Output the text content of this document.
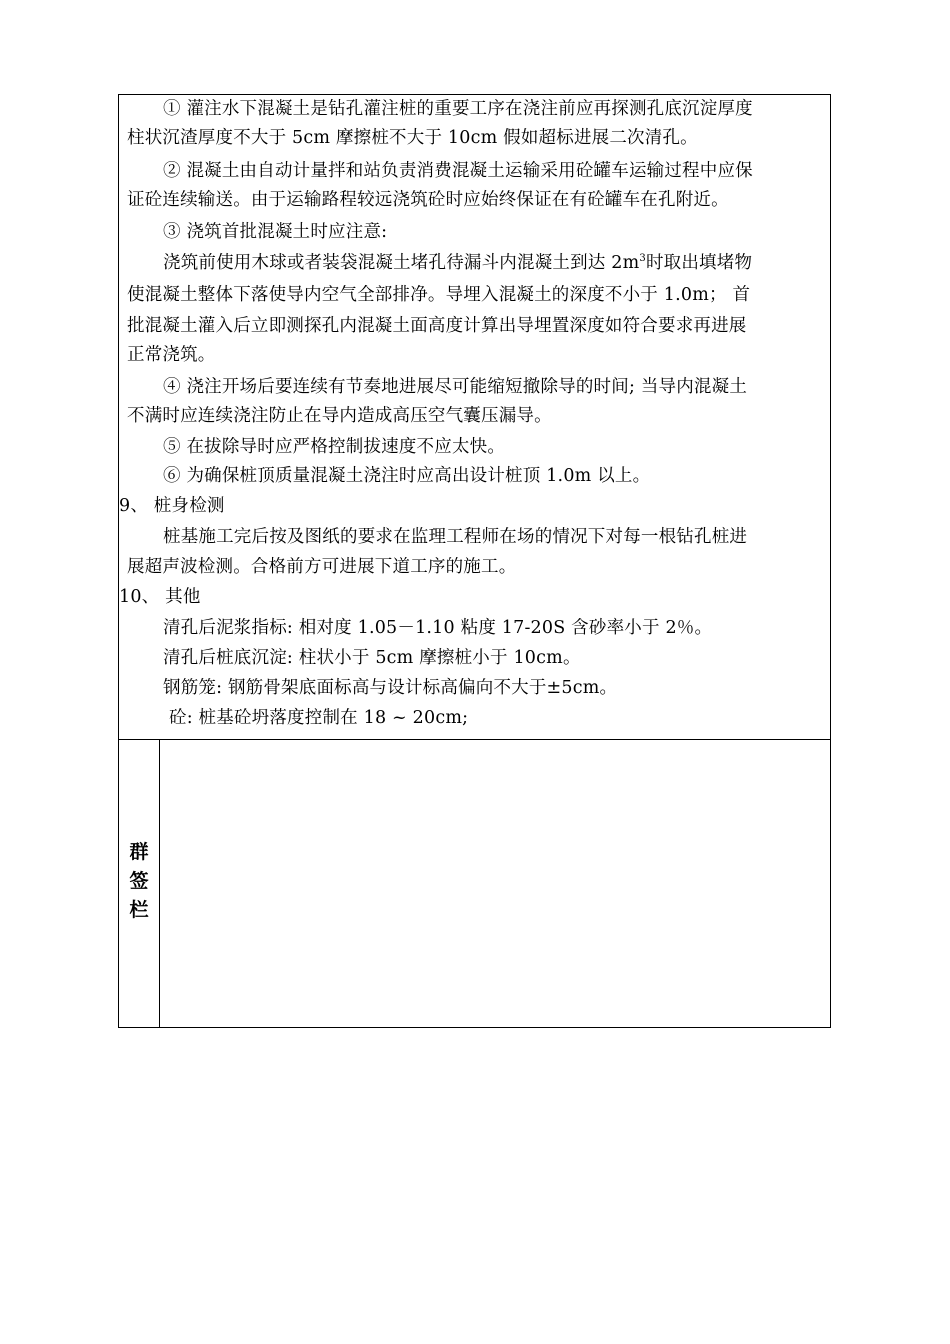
① 灌注水下混凝土是钻孔灌注桩的重要工序在浇注前应再探测孔底沉淀厚度
柱状沉渣厚度不大于 5cm 摩擦桩不大于 10cm 假如超标进展二次清孔。
② 混凝土由自动计量拌和站负责消费混凝土运输采用砼罐车运输过程中应保
证砼连续输送。由于运输路程较远浇筑砼时应始终保证在有砼罐车在孔附近。
③ 浇筑首批混凝土时应注意:
浇筑前使用木球或者装袋混凝土堵孔待漏斗内混凝土到达 $2m^3$时取出填堵物
使混凝土整体下落使导内空气全部排净。导埋入混凝土的深度不小于 1.0m； 首
批混凝土灌入后立即测探孔内混凝土面高度计算出导埋置深度如符合要求再进展
正常浇筑。
④ 浇注开场后要连续有节奏地进展尽可能缩短撤除导的时间; 当导内混凝土
不满时应连续浇注防止在导内造成高压空气囊压漏导。
⑤ 在拔除导时应严格控制拔速度不应太快。
⑥ 为确保桩顶质量混凝土浇注时应高出设计桩顶 1.0m 以上。
9、 桩身检测
桩基施工完后按及图纸的要求在监理工程师在场的情况下对每一根钻孔桩进
展超声波检测。合格前方可进展下道工序的施工。
10、 其他
清孔后泥浆指标: 相对度 1.05－1.10 粘度 17-20S 含砂率小于 2％。
清孔后桩底沉淀: 柱状小于 5cm 摩擦桩小于 10cm。
钢筋笼: 钢筋骨架底面标高与设计标高偏向不大于±5cm。
砼: 桩基砼坍落度控制在 18 ~ 20cm;
群
签
栏
